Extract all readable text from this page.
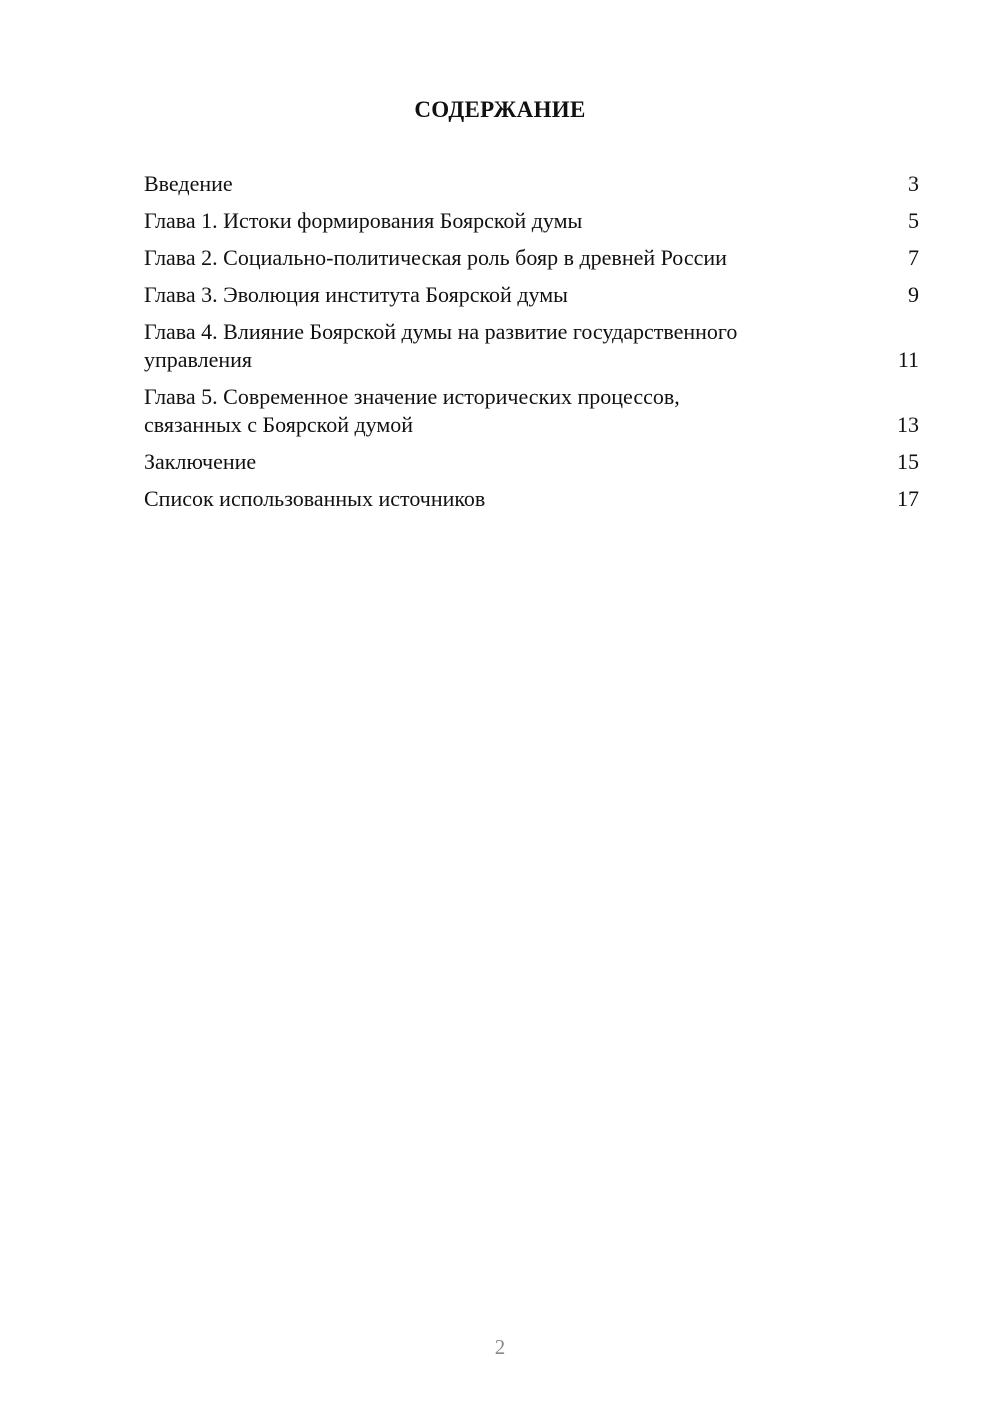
СОДЕРЖАНИЕ
Введение	3
Глава 1. Истоки формирования Боярской думы	5
Глава 2. Социально-политическая роль бояр в древней России	7
Глава 3. Эволюция института Боярской думы	9
Глава 4. Влияние Боярской думы на развитие государственного
управления	11
Глава 5. Современное значение исторических процессов,
связанных с Боярской думой	13
Заключение	15
Список использованных источников	17
2
